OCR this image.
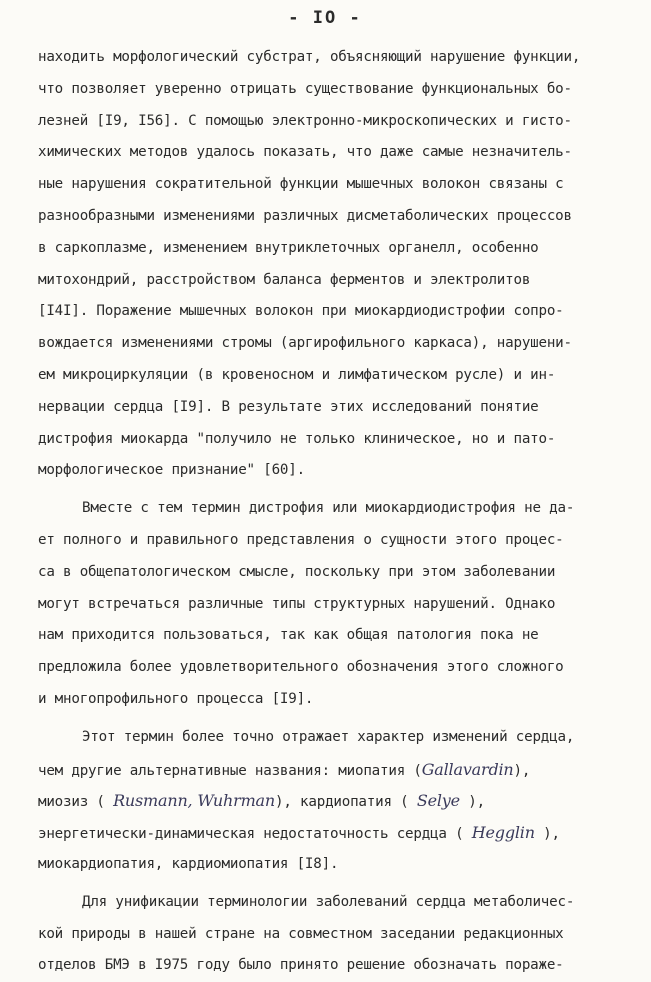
- IO -
находить морфологический субстрат, объясняющий нарушение функции,
что позволяет уверенно отрицать существование функциональных бо-
лезней [I9, I56]. С помощью электронно-микроскопических и гисто-
химических методов удалось показать, что даже самые незначитель-
ные нарушения сократительной функции мышечных волокон связаны с
разнообразными изменениями различных дисметаболических процессов
в саркоплазме, изменением внутриклеточных органелл, особенно
митохондрий, расстройством баланса ферментов и электролитов
[I4I]. Поражение мышечных волокон при миокардиодистрофии сопро-
вождается изменениями стромы (аргирофильного каркаса), нарушени-
ем микроциркуляции (в кровеносном и лимфатическом русле) и ин-
нервации сердца [I9]. В результате этих исследований понятие
дистрофия миокарда "получило не только клиническое, но и пато-
морфологическое признание" [60].
Вместе с тем термин дистрофия или миокардиодистрофия не да-
ет полного и правильного представления о сущности этого процес-
са в общепатологическом смысле, поскольку при этом заболевании
могут встречаться различные типы структурных нарушений. Однако
нам приходится пользоваться, так как общая патология пока не
предложила более удовлетворительного обозначения этого сложного
и многопрофильного процесса [I9].
Этот термин более точно отражает характер изменений сердца,
чем другие альтернативные названия: миопатия (Gallavardin),
миозиз ( Rusmann, Wuhrman), кардиопатия ( Selye ),
энергетически-динамическая недостаточность сердца ( Hegglin ),
миокардиопатия, кардиомиопатия [I8].
Для унификации терминологии заболеваний сердца метаболичес-
кой природы в нашей стране на совместном заседании редакционных
отделов БМЭ в I975 году было принято решение обозначать пораже-
